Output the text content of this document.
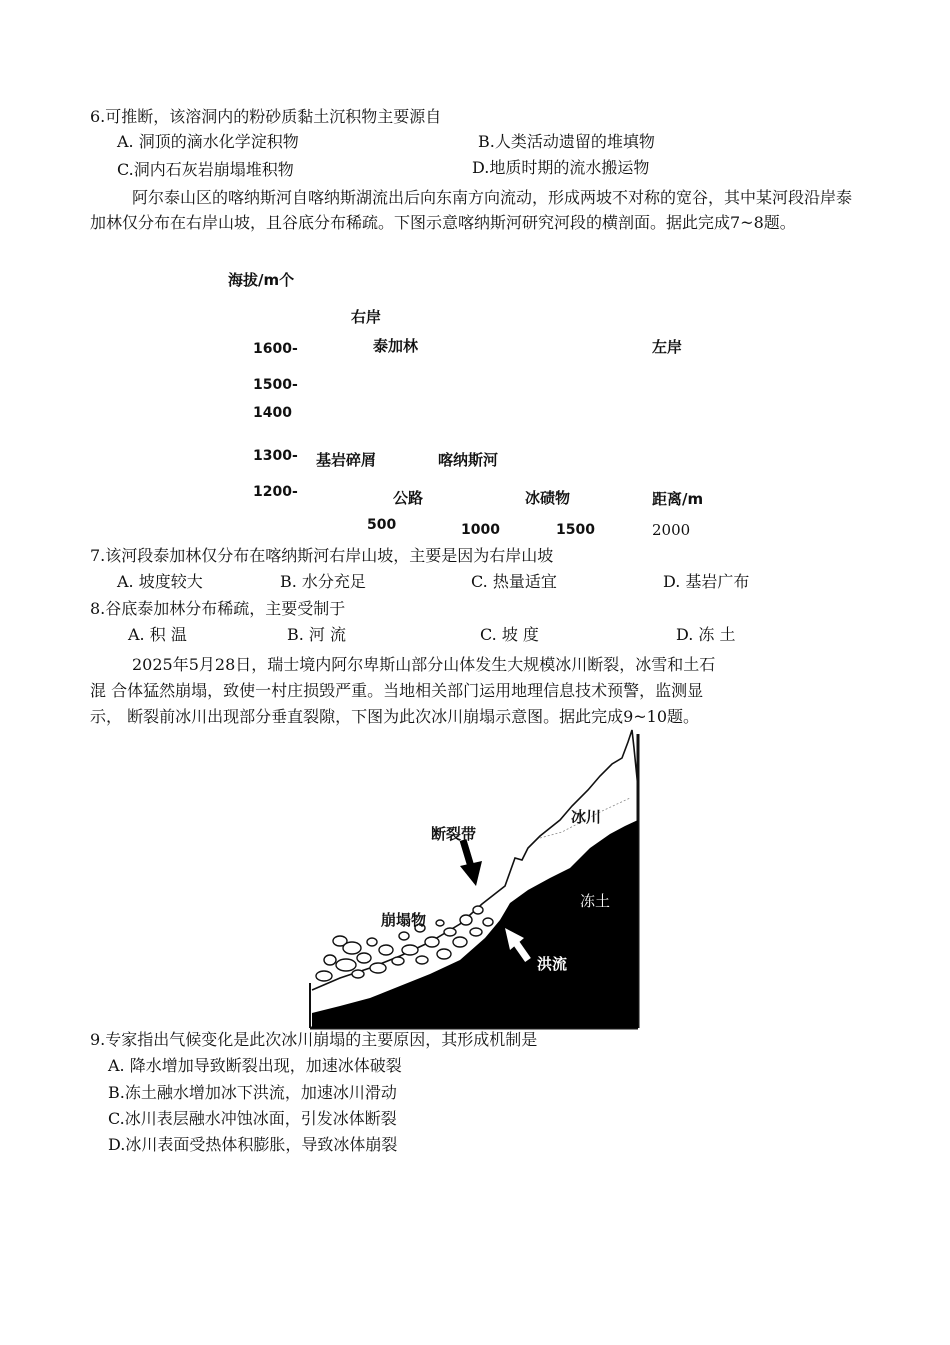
6.可推断，该溶洞内的粉砂质黏土沉积物主要源自
A. 洞顶的滴水化学淀积物	B.人类活动遗留的堆填物
C.洞内石灰岩崩塌堆积物	D.地质时期的流水搬运物
阿尔泰山区的喀纳斯河自喀纳斯湖流出后向东南方向流动，形成两坡不对称的宽谷，其中某河段沿岸泰加林仅分布在右岸山坡，且谷底分布稀疏。下图示意喀纳斯河研究河段的横剖面。据此完成7~8题。
海拔/m个
右岸
1600-	泰加林	左岸
1500-
1400
1300- 基岩碎屑	喀纳斯河
1200-	公路	冰碛物	距离/m
500	1000	1500	2000
7.该河段泰加林仅分布在喀纳斯河右岸山坡，主要是因为右岸山坡
A. 坡度较大	B. 水分充足	C. 热量适宜	D. 基岩广布
8.谷底泰加林分布稀疏，主要受制于
A. 积 温	B. 河 流	C. 坡 度	D. 冻 土
2025年5月28日，瑞士境内阿尔卑斯山部分山体发生大规模冰川断裂，冰雪和土石
混 合体猛然崩塌，致使一村庄损毁严重。当地相关部门运用地理信息技术预警，监测显
示， 断裂前冰川出现部分垂直裂隙，下图为此次冰川崩塌示意图。据此完成9~10题。
冰川
断裂带
崩塌物
冻土
洪流
9.专家指出气候变化是此次冰川崩塌的主要原因，其形成机制是
A. 降水增加导致断裂出现，加速冰体破裂
B.冻土融水增加冰下洪流，加速冰川滑动
C.冰川表层融水冲蚀冰面，引发冰体断裂
D.冰川表面受热体积膨胀，导致冰体崩裂
